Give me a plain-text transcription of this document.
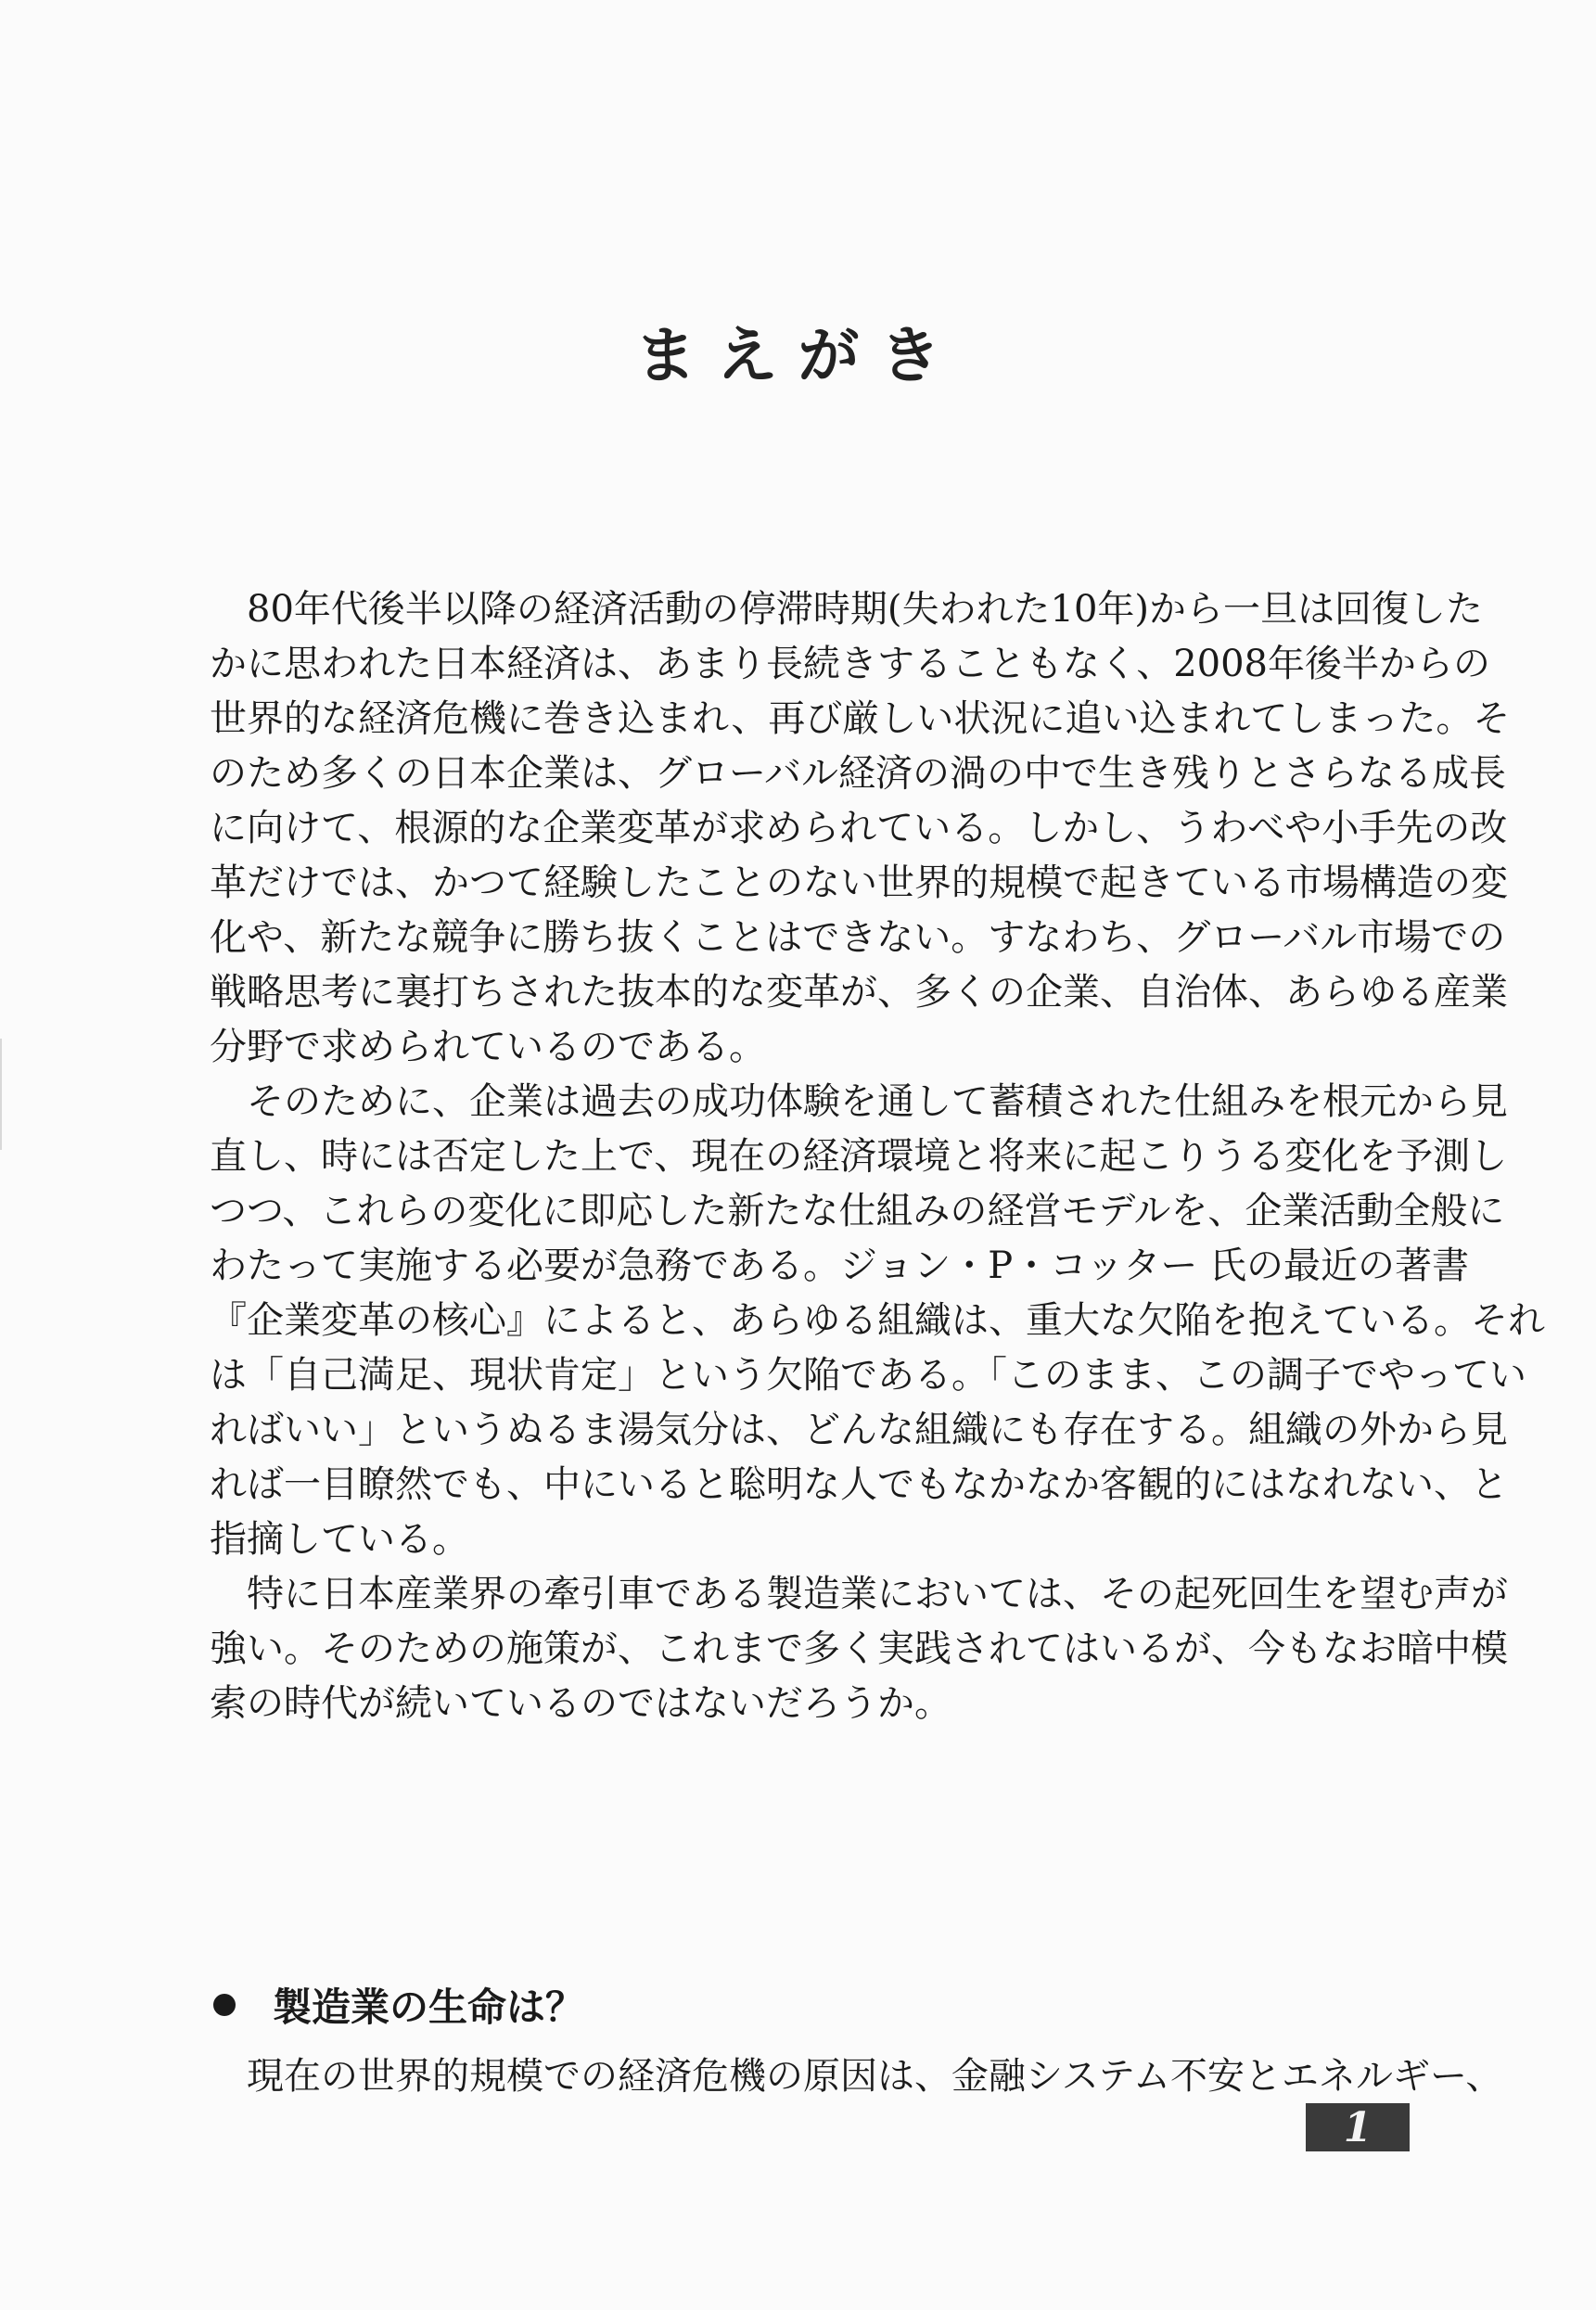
まえがき
　80年代後半以降の経済活動の停滞時期(失われた10年)から一旦は回復した
かに思われた日本経済は、あまり長続きすることもなく、2008年後半からの
世界的な経済危機に巻き込まれ、再び厳しい状況に追い込まれてしまった。そ
のため多くの日本企業は、グローバル経済の渦の中で生き残りとさらなる成長
に向けて、根源的な企業変革が求められている。しかし、うわべや小手先の改
革だけでは、かつて経験したことのない世界的規模で起きている市場構造の変
化や、新たな競争に勝ち抜くことはできない。すなわち、グローバル市場での
戦略思考に裏打ちされた抜本的な変革が、多くの企業、自治体、あらゆる産業
分野で求められているのである。
　そのために、企業は過去の成功体験を通して蓄積された仕組みを根元から見
直し、時には否定した上で、現在の経済環境と将来に起こりうる変化を予測し
つつ、これらの変化に即応した新たな仕組みの経営モデルを、企業活動全般に
わたって実施する必要が急務である。ジョン・P・コッター 氏の最近の著書
『企業変革の核心』によると、あらゆる組織は、重大な欠陥を抱えている。それ
は「自己満足、現状肯定」という欠陥である。「このまま、この調子でやってい
ればいい」というぬるま湯気分は、どんな組織にも存在する。組織の外から見
れば一目瞭然でも、中にいると聡明な人でもなかなか客観的にはなれない、と
指摘している。
　特に日本産業界の牽引車である製造業においては、その起死回生を望む声が
強い。そのための施策が、これまで多く実践されてはいるが、今もなお暗中模
索の時代が続いているのではないだろうか。
製造業の生命は？
　現在の世界的規模での経済危機の原因は、金融システム不安とエネルギー、
1
